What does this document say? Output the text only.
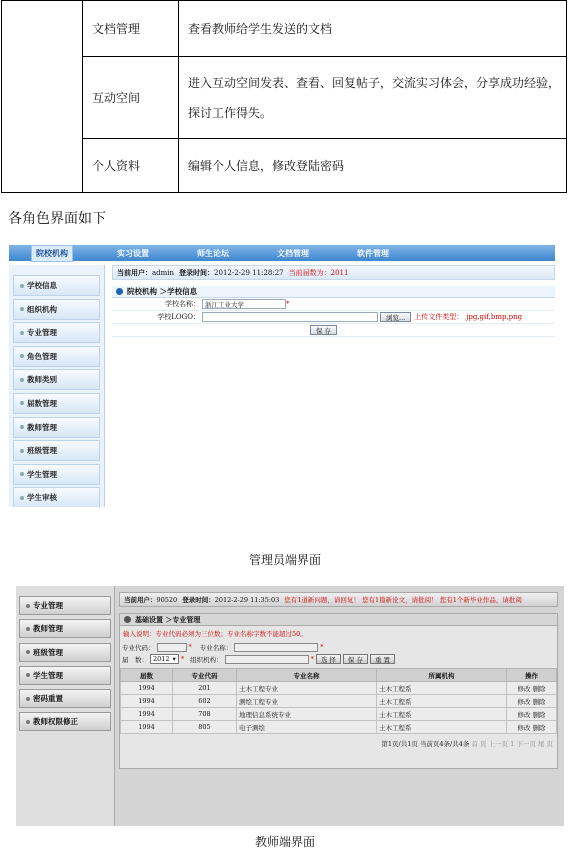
	文档管理	查看教师给学生发送的文档
	互动空间	进入互动空间发表、查看、回复帖子，交流实习体会，分享成功经验，
探讨工作得失。

	个人资料	编辑个人信息，修改登陆密码
各角色界面如下
院校机构	实习设置	师生论坛	文档管理	软件管理
学校信息
组织机构
专业管理
角色管理
教师类别
届数管理
教师管理
班级管理
学生管理
学生审核
当前用户：admin 登录时间：2012-2-29 11:28:27 当前届数为：2011
院校机构 ＞学校信息
学校名称： 浙江工业大学	*
学校LOGO：	浏览...	上传文件类型： jpg,gif,bmp,png
保 存
管理员端界面
专业管理
教师管理
班级管理
学生管理
密码重置
教师权限修正
当前用户：90520 登录时间：2012-2-29 11:35:03 您有1道新问题，请回复！ 您有1篇新论文，请批阅！ 您有1个新毕业作品，请批阅
基础设置 ＞专业管理
输入说明：专业代码必须为三位数；专业名称字数不能超过50。
专业代码：	* 专业名称：	*
届　数： 2012 ▾ * 组织机构：	*	选 择	保 存	重 置
届数	专业代码	专业名称	所属机构	操作
1994	201	土木工程专业	土木工程系	修改 删除
1994	602	测绘工程专业	土木工程系	修改 删除
1994	708	地理信息系统专业	土木工程系	修改 删除
1994	805	电子测绘	土木工程系	修改 删除
第1页/共1页 当前页4条/共4条 首 页 上一页 1 下一页 尾 页
教师端界面
